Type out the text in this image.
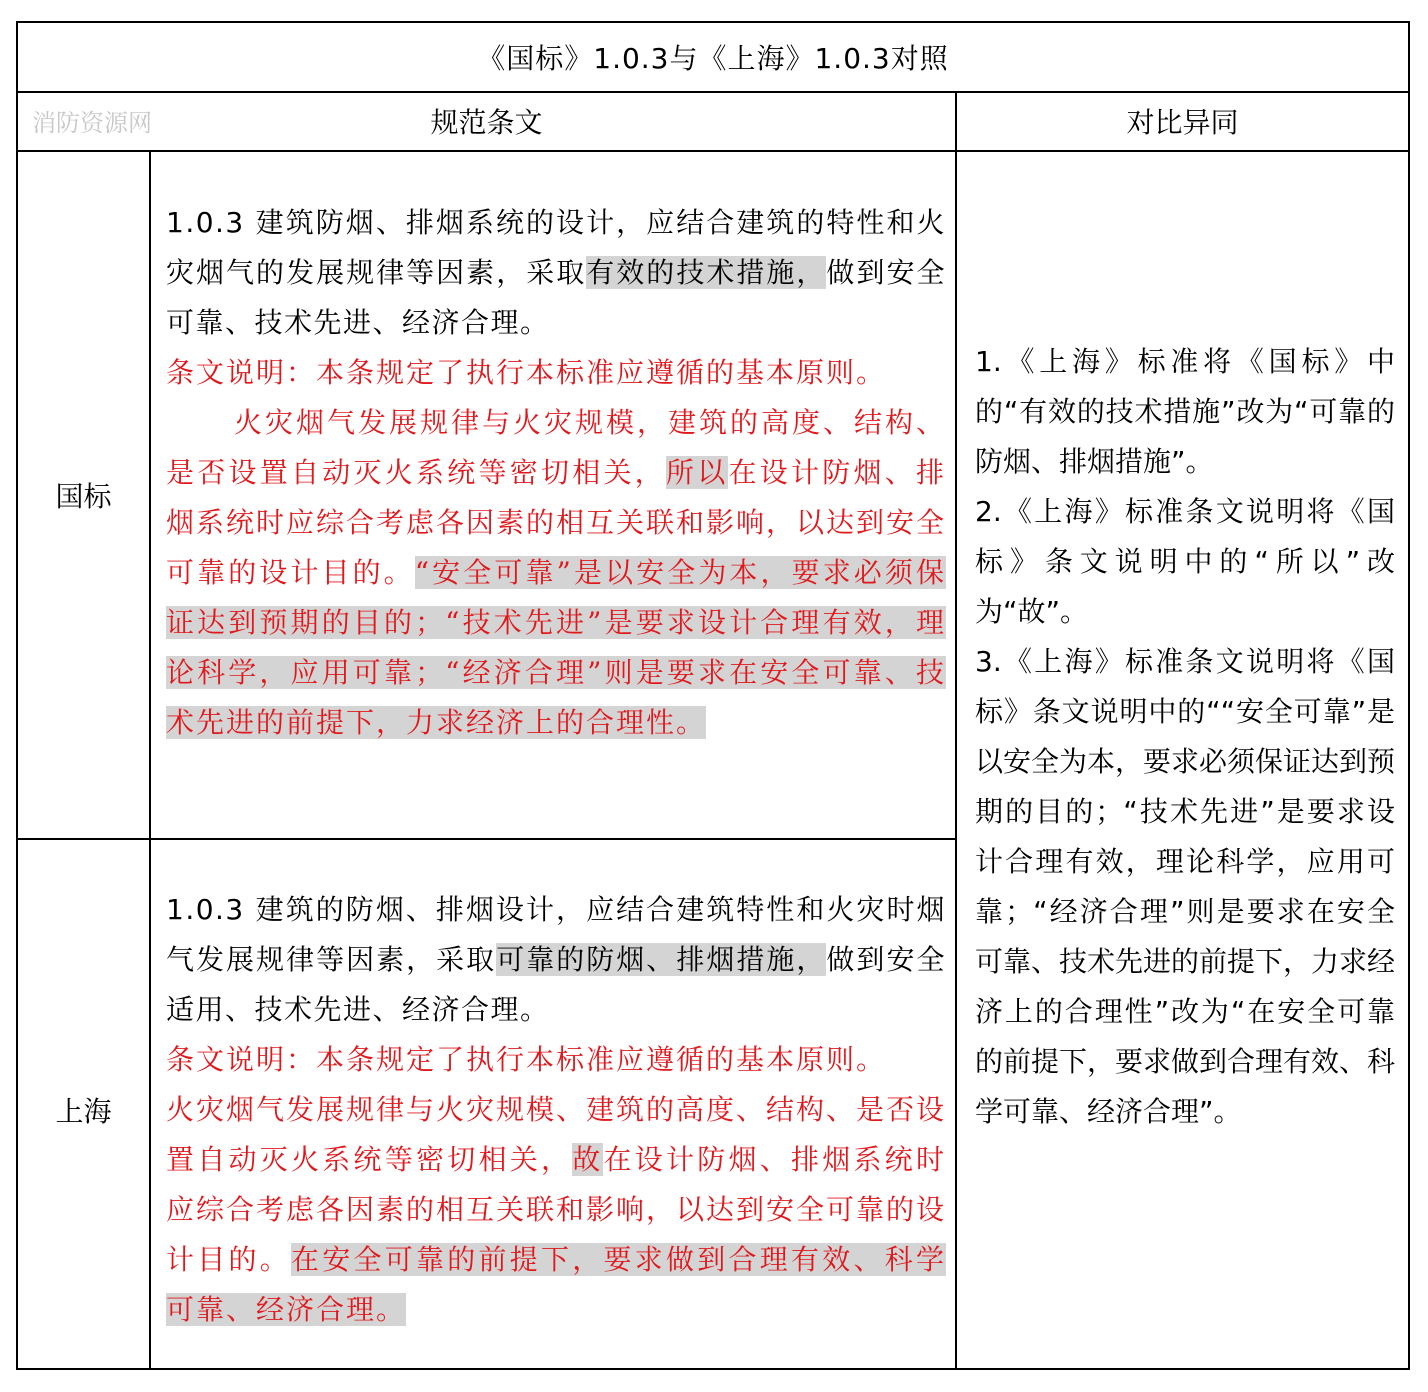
《国标》1.0.3与《上海》1.0.3对照
消防资源网	规范条文	对比异同
国标
上海
1.0.3 建筑防烟、排烟系统的设计，应结合建筑的特性和火灾烟气的发展规律等因素，采取有效的技术措施，做到安全可靠、技术先进、经济合理。
条文说明：本条规定了执行本标准应遵循的基本原则。
火灾烟气发展规律与火灾规模，建筑的高度、结构、是否设置自动灭火系统等密切相关，所以在设计防烟、排烟系统时应综合考虑各因素的相互关联和影响，以达到安全可靠的设计目的。“安全可靠”是以安全为本，要求必须保证达到预期的目的；“技术先进”是要求设计合理有效，理论科学，应用可靠；“经济合理”则是要求在安全可靠、技术先进的前提下，力求经济上的合理性。
1.0.3 建筑的防烟、排烟设计，应结合建筑特性和火灾时烟气发展规律等因素，采取可靠的防烟、排烟措施，做到安全适用、技术先进、经济合理。
条文说明：本条规定了执行本标准应遵循的基本原则。
火灾烟气发展规律与火灾规模、建筑的高度、结构、是否设置自动灭火系统等密切相关，故在设计防烟、排烟系统时应综合考虑各因素的相互关联和影响，以达到安全可靠的设计目的。在安全可靠的前提下，要求做到合理有效、科学可靠、经济合理。

1.《上海》标准将《国标》中的“有效的技术措施”改为“可靠的防烟、排烟措施”。

2.《上海》标准条文说明将《国标》条文说明中的“所以”改为“故”。

3.《上海》标准条文说明将《国标》条文说明中的““安全可靠”是以安全为本，要求必须保证达到预期的目的；“技术先进”是要求设计合理有效，理论科学，应用可靠；“经济合理”则是要求在安全可靠、技术先进的前提下，力求经济上的合理性”改为“在安全可靠的前提下，要求做到合理有效、科学可靠、经济合理”。
